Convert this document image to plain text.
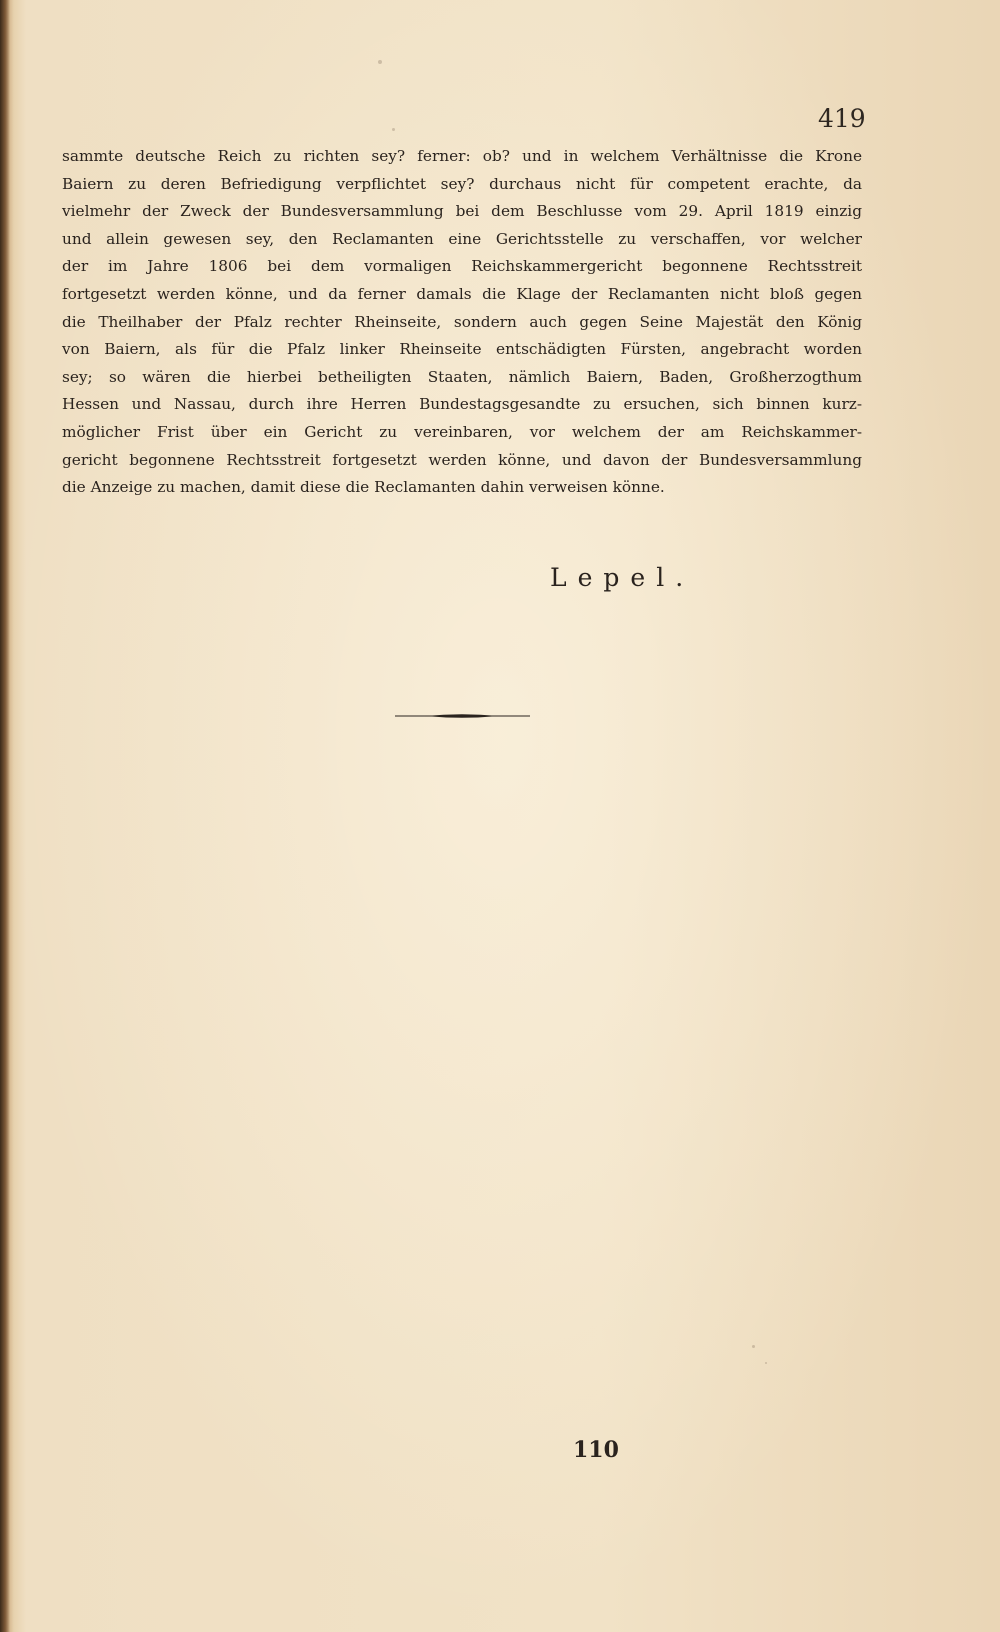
419
sammte deutsche Reich zu richten sey? ferner: ob? und in welchem Verhältnisse die Krone
Baiern zu deren Befriedigung verpflichtet sey? durchaus nicht für competent erachte, da
vielmehr der Zweck der Bundesversammlung bei dem Beschlusse vom 29. April 1819 einzig
und allein gewesen sey, den Reclamanten eine Gerichtsstelle zu verschaffen, vor welcher
der im Jahre 1806 bei dem vormaligen Reichskammergericht begonnene Rechtsstreit
fortgesetzt werden könne, und da ferner damals die Klage der Reclamanten nicht bloß gegen
die Theilhaber der Pfalz rechter Rheinseite, sondern auch gegen Seine Majestät den König
von Baiern, als für die Pfalz linker Rheinseite entschädigten Fürsten, angebracht worden
sey; so wären die hierbei betheiligten Staaten, nämlich Baiern, Baden, Großherzogthum
Hessen und Nassau, durch ihre Herren Bundestagsgesandte zu ersuchen, sich binnen kurz-
möglicher Frist über ein Gericht zu vereinbaren, vor welchem der am Reichskammer-
gericht begonnene Rechtsstreit fortgesetzt werden könne, und davon der Bundesversammlung
die Anzeige zu machen, damit diese die Reclamanten dahin verweisen könne.
Lepel.
110
